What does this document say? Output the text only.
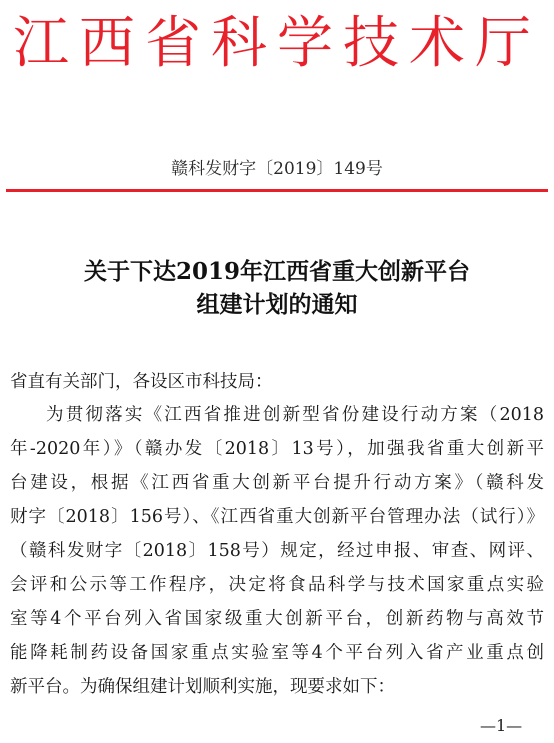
江西省科学技术厅
赣科发财字〔2019〕149号
关于下达2019年江西省重大创新平台
组建计划的通知
省直有关部门，各设区市科技局：
为贯彻落实《江西省推进创新型省份建设行动方案（2018
年-2020年）》（赣办发〔2018〕13号），加强我省重大创新平
台建设，根据《江西省重大创新平台提升行动方案》（赣科发
财字〔2018〕156号）、《江西省重大创新平台管理办法（试行）》
（赣科发财字〔2018〕158号）规定，经过申报、审查、网评、
会评和公示等工作程序，决定将食品科学与技术国家重点实验
室等4个平台列入省国家级重大创新平台，创新药物与高效节
能降耗制药设备国家重点实验室等4个平台列入省产业重点创
新平台。为确保组建计划顺利实施，现要求如下：
—1—
